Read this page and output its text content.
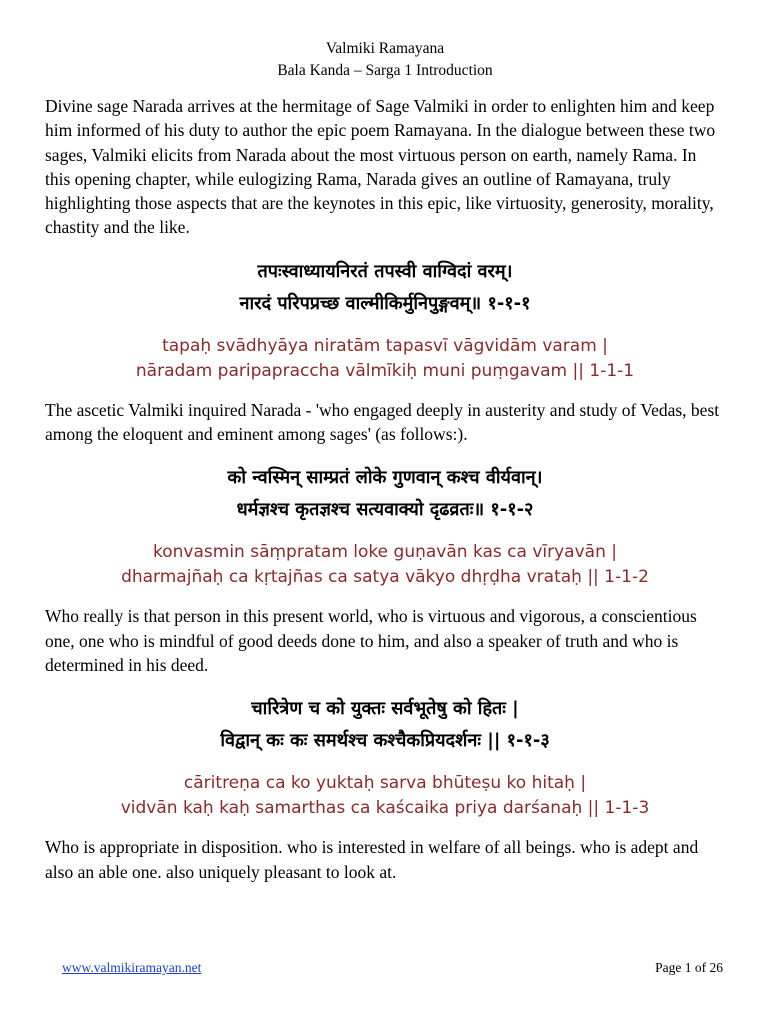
Valmiki Ramayana
Bala Kanda – Sarga 1 Introduction
Divine sage Narada arrives at the hermitage of Sage Valmiki in order to enlighten him and keep him informed of his duty to author the epic poem Ramayana. In the dialogue between these two sages, Valmiki elicits from Narada about the most virtuous person on earth, namely Rama. In this opening chapter, while eulogizing Rama, Narada gives an outline of Ramayana, truly highlighting those aspects that are the keynotes in this epic, like virtuosity, generosity, morality, chastity and the like.
तपःस्वाध्यायनिरतं तपस्वी वाग्विदां वरम्।
नारदं परिपप्रच्छ वाल्मीकिर्मुनिपुङ्गवम्॥ १-१-१
tapaḥ svādhyāya niratām tapasvī vāgvidām varam |
nāradam paripapraccha vālmīkiḥ muni puṃgavam || 1-1-1
The ascetic Valmiki inquired Narada - 'who engaged deeply in austerity and study of Vedas, best among the eloquent and eminent among sages' (as follows:).
को न्वस्मिन् साम्प्रतं लोके गुणवान् कश्च वीर्यवान्।
धर्मज्ञश्च कृतज्ञश्च सत्यवाक्यो दृढव्रतः॥ १-१-२
konvasmin sāṃpratam loke guṇavān kas ca vīryavān |
dharmajñaḥ ca kṛtajñas ca satya vākyo dhṛḍha vrataḥ || 1-1-2
Who really is that person in this present world, who is virtuous and vigorous, a conscientious one, one who is mindful of good deeds done to him, and also a speaker of truth and who is determined in his deed.
चारित्रेण च को युक्तः सर्वभूतेषु को हितः |
विद्वान् कः कः समर्थश्च कश्चैकप्रियदर्शनः || १-१-३
cāritreṇa ca ko yuktaḥ sarva bhūteṣu ko hitaḥ |
vidvān kaḥ kaḥ samarthas ca kaścaika priya darśanaḥ || 1-1-3
Who is appropriate in disposition. who is interested in welfare of all beings. who is adept and also an able one. also uniquely pleasant to look at.
www.valmikiramayan.net	Page 1 of 26
